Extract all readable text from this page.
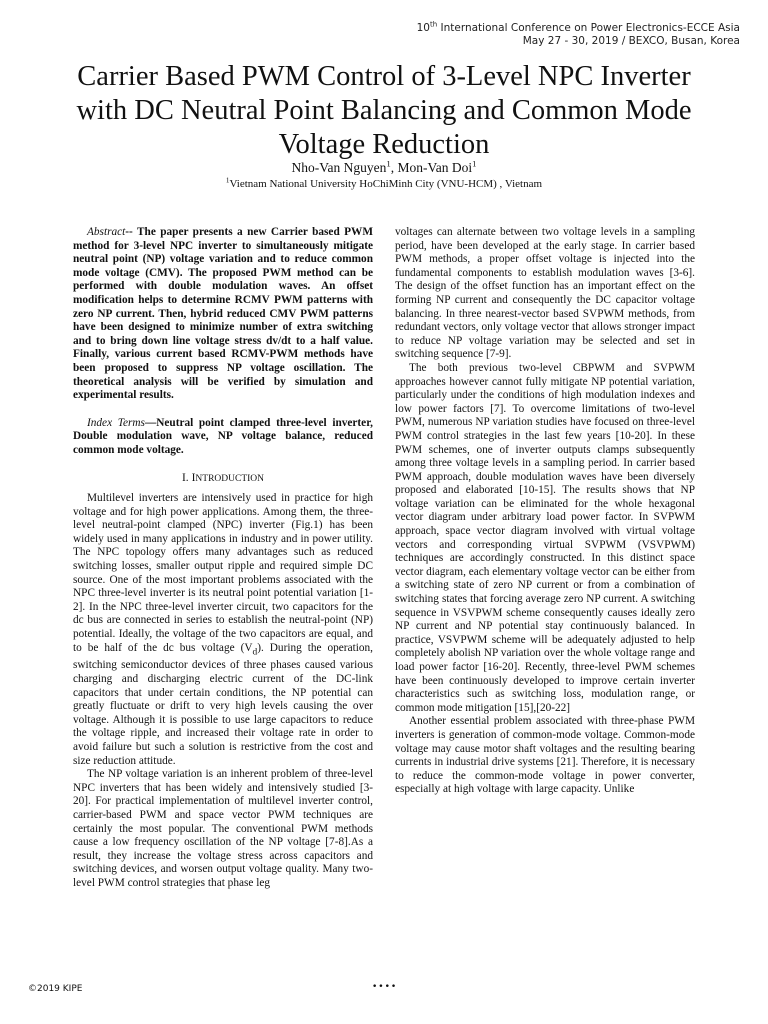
10th International Conference on Power Electronics-ECCE Asia
May 27 - 30, 2019 / BEXCO, Busan, Korea
Carrier Based PWM Control of 3-Level NPC Inverter with DC Neutral Point Balancing and Common Mode Voltage Reduction
Nho-Van Nguyen$^1$, Mon-Van Doi$^1$
$^1$Vietnam National University HoChiMinh City (VNU-HCM) , Vietnam

Abstract-- The paper presents a new Carrier based PWM method for 3-level NPC inverter to simultaneously mitigate neutral point (NP) voltage variation and to reduce common mode voltage (CMV). The proposed PWM method can be performed with double modulation waves. An offset modification helps to determine RCMV PWM patterns with zero NP current. Then, hybrid reduced CMV PWM patterns have been designed to minimize number of extra switching and to bring down line voltage stress dv/dt to a half value. Finally, various current based RCMV-PWM methods have been proposed to suppress NP voltage oscillation. The theoretical analysis will be verified by simulation and experimental results.

Index Terms—Neutral point clamped three-level inverter, Double modulation wave, NP voltage balance, reduced common mode voltage.

I. INTRODUCTION

Multilevel inverters are intensively used in practice for high voltage and for high power applications. Among them, the three-level neutral-point clamped (NPC) inverter (Fig.1) has been widely used in many applications in industry and in power utility. The NPC topology offers many advantages such as reduced switching losses, smaller output ripple and required simple DC source. One of the most important problems associated with the NPC three-level inverter is its neutral point potential variation [1-2]. In the NPC three-level inverter circuit, two capacitors for the dc bus are connected in series to establish the neutral-point (NP) potential. Ideally, the voltage of the two capacitors are equal, and to be half of the dc bus voltage $(V_d)$. During the operation, switching semiconductor devices of three phases caused various charging and discharging electric current of the DC-link capacitors that under certain conditions, the NP potential can greatly fluctuate or drift to very high levels causing the over voltage. Although it is possible to use large capacitors to reduce the voltage ripple, and increased their voltage rate in order to avoid failure but such a solution is restrictive from the cost and size reduction attitude.

The NP voltage variation is an inherent problem of three-level NPC inverters that has been widely and intensively studied [3-20]. For practical implementation of multilevel inverter control, carrier-based PWM and space vector PWM techniques are certainly the most popular. The conventional PWM methods cause a low frequency oscillation of the NP voltage [7-8].As a result, they increase the voltage stress across capacitors and switching devices, and worsen output voltage quality. Many two-level PWM control strategies that phase leg

voltages can alternate between two voltage levels in a sampling period, have been developed at the early stage. In carrier based PWM methods, a proper offset voltage is injected into the fundamental components to establish modulation waves [3-6]. The design of the offset function has an important effect on the forming NP current and consequently the DC capacitor voltage balancing. In three nearest-vector based SVPWM methods, from redundant vectors, only voltage vector that allows stronger impact to reduce NP voltage variation may be selected and set in switching sequence [7-9].

The both previous two-level CBPWM and SVPWM approaches however cannot fully mitigate NP potential variation, particularly under the conditions of high modulation indexes and low power factors [7]. To overcome limitations of two-level PWM, numerous NP variation studies have focused on three-level PWM control strategies in the last few years [10-20]. In these PWM schemes, one of inverter outputs clamps subsequently among three voltage levels in a sampling period. In carrier based PWM approach, double modulation waves have been diversely proposed and elaborated [10-15]. The results shows that NP voltage variation can be eliminated for the whole hexagonal vector diagram under arbitrary load power factor. In SVPWM approach, space vector diagram involved with virtual voltage vectors and corresponding virtual SVPWM (VSVPWM) techniques are accordingly constructed. In this distinct space vector diagram, each elementary voltage vector can be either from a switching state of zero NP current or from a combination of switching states that forcing average zero NP current. A switching sequence in VSVPWM scheme consequently causes ideally zero NP current and NP potential stay continuously balanced. In practice, VSVPWM scheme will be adequately adjusted to help completely abolish NP variation over the whole voltage range and load power factor [16-20]. Recently, three-level PWM schemes have been continuously developed to improve certain inverter characteristics such as switching loss, modulation range, or common mode mitigation [15],[20-22]

Another essential problem associated with three-phase PWM inverters is generation of common-mode voltage. Common-mode voltage may cause motor shaft voltages and the resulting bearing currents in industrial drive systems [21]. Therefore, it is necessary to reduce the common-mode voltage in power converter, especially at high voltage with large capacity. Unlike

©2019 KIPE	••••
